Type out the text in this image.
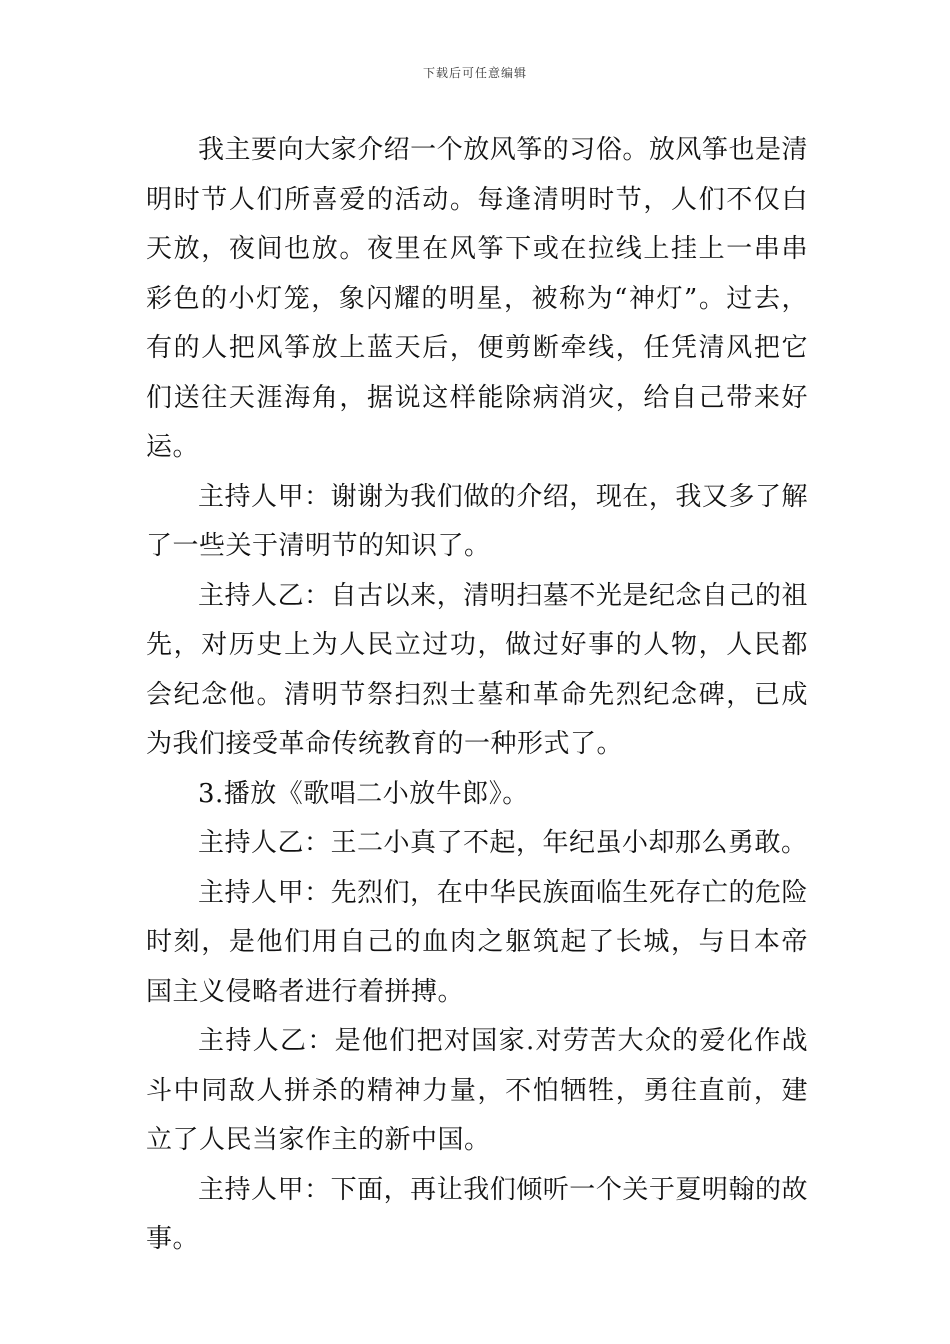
下载后可任意编辑

我主要向大家介绍一个放风筝的习俗。放风筝也是清明时节人们所喜爱的活动。每逢清明时节，人们不仅白天放，夜间也放。夜里在风筝下或在拉线上挂上一串串彩色的小灯笼，象闪耀的明星，被称为“神灯”。过去，有的人把风筝放上蓝天后，便剪断牵线，任凭清风把它们送往天涯海角，据说这样能除病消灾，给自己带来好运。

主持人甲：谢谢为我们做的介绍，现在，我又多了解了一些关于清明节的知识了。

主持人乙：自古以来，清明扫墓不光是纪念自己的祖先，对历史上为人民立过功，做过好事的人物，人民都会纪念他。清明节祭扫烈士墓和革命先烈纪念碑，已成为我们接受革命传统教育的一种形式了。

3.播放《歌唱二小放牛郎》。

主持人乙：王二小真了不起，年纪虽小却那么勇敢。

主持人甲：先烈们，在中华民族面临生死存亡的危险时刻，是他们用自己的血肉之躯筑起了长城，与日本帝国主义侵略者进行着拼搏。

主持人乙：是他们把对国家.对劳苦大众的爱化作战斗中同敌人拼杀的精神力量，不怕牺牲，勇往直前，建立了人民当家作主的新中国。

主持人甲：下面，再让我们倾听一个关于夏明翰的故事。
